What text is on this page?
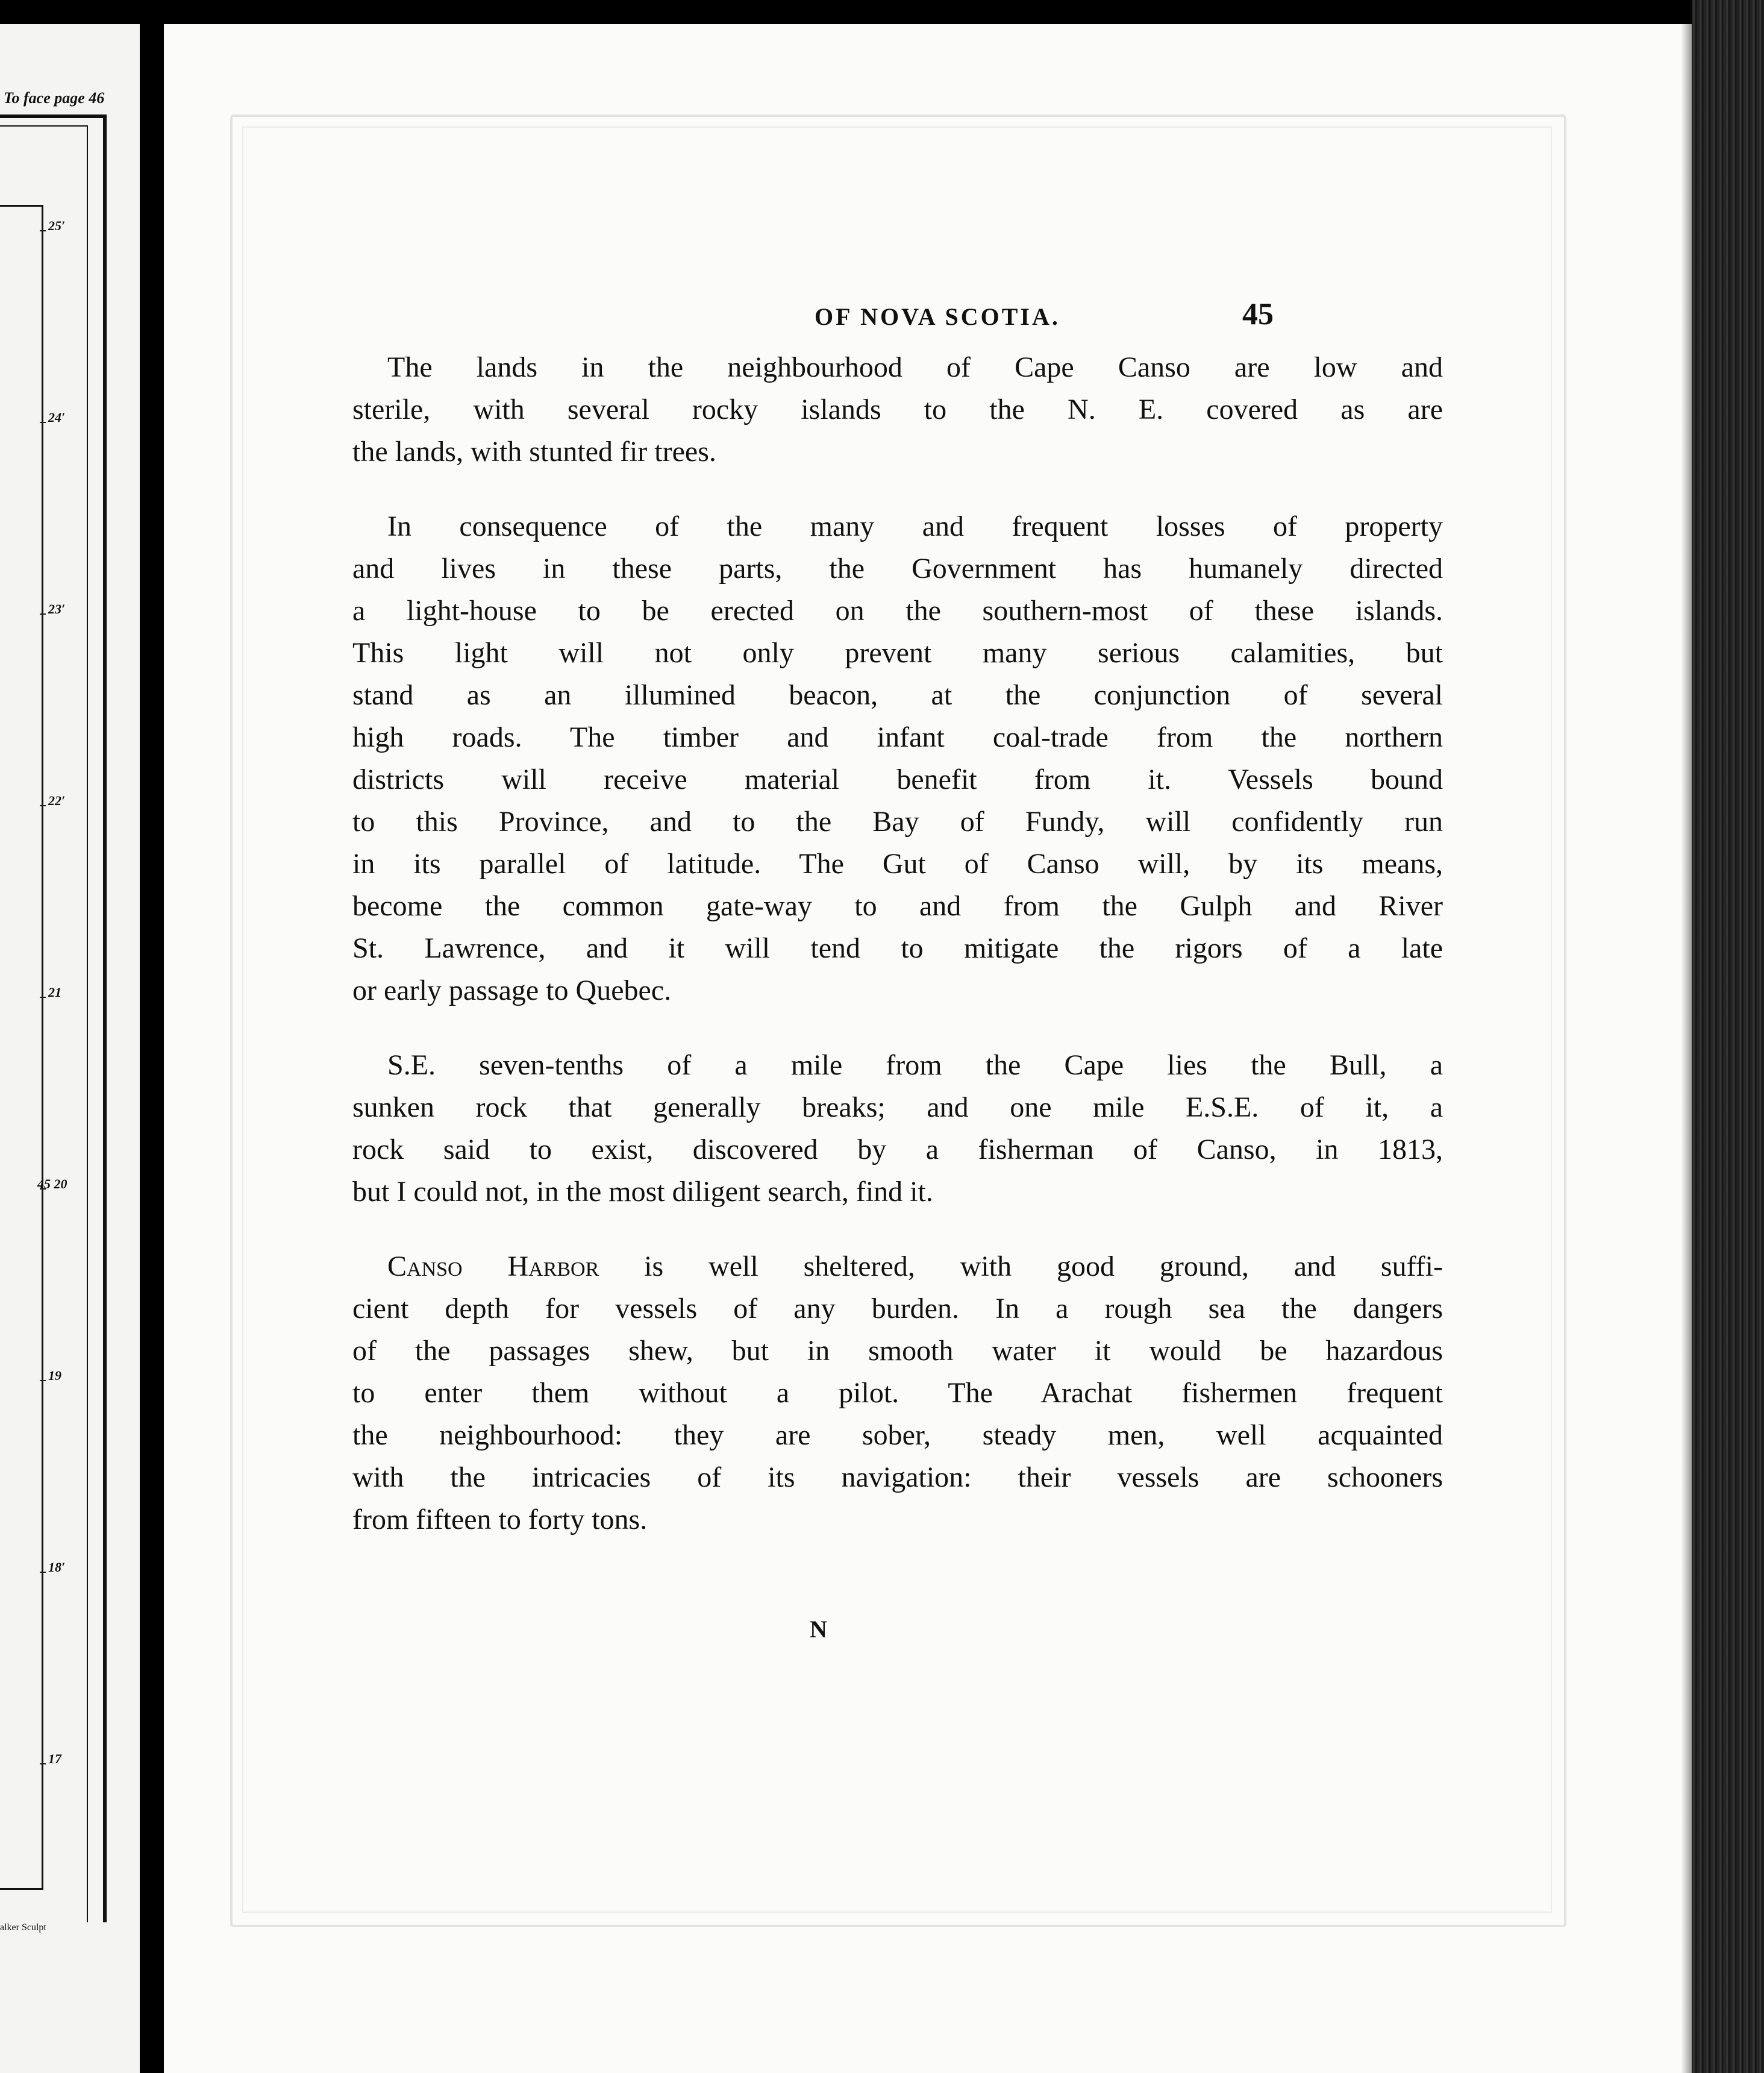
To face page 46
25′
24′
23′
22′
21
45 20
19
18′
17
alker Sculpt
OF NOVA SCOTIA.	45

The lands in the neighbourhood of Cape Canso are low and
sterile, with several rocky islands to the N. E. covered as are
the lands, with stunted fir trees.

In consequence of the many and frequent losses of property
and lives in these parts, the Government has humanely directed
a light-house to be erected on the southern-most of these islands.
This light will not only prevent many serious calamities, but
stand as an illumined beacon, at the conjunction of several
high roads. The timber and infant coal-trade from the northern
districts will receive material benefit from it. Vessels bound
to this Province, and to the Bay of Fundy, will confidently run
in its parallel of latitude. The Gut of Canso will, by its means,
become the common gate-way to and from the Gulph and River
St. Lawrence, and it will tend to mitigate the rigors of a late
or early passage to Quebec.

S.E. seven-tenths of a mile from the Cape lies the Bull, a
sunken rock that generally breaks; and one mile E.S.E. of it, a
rock said to exist, discovered by a fisherman of Canso, in 1813,
but I could not, in the most diligent search, find it.

Canso Harbor is well sheltered, with good ground, and suffi-
cient depth for vessels of any burden. In a rough sea the dangers
of the passages shew, but in smooth water it would be hazardous
to enter them without a pilot. The Arachat fishermen frequent
the neighbourhood: they are sober, steady men, well acquainted
with the intricacies of its navigation: their vessels are schooners
from fifteen to forty tons.

N
